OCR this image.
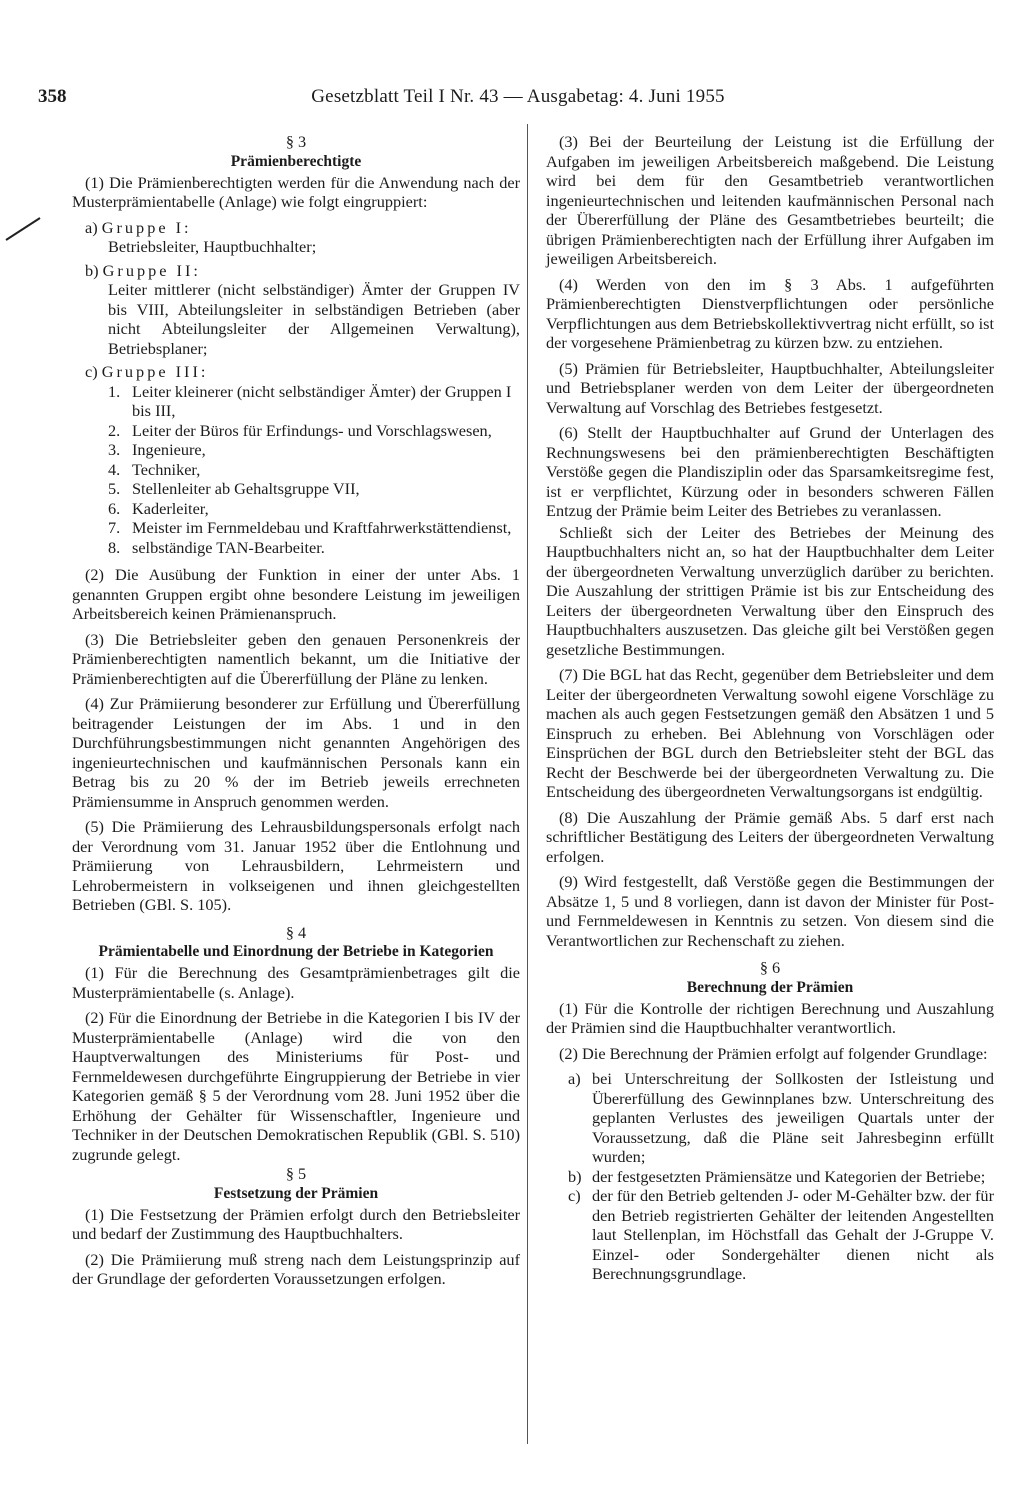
358	Gesetzblatt Teil I Nr. 43 — Ausgabetag: 4. Juni 1955
§ 3
Prämienberechtigte

(1) Die Prämienberechtigten werden für die Anwendung nach der Musterprämientabelle (Anlage) wie folgt eingruppiert:

a) Gruppe I:
Betriebsleiter, Hauptbuchhalter;
b) Gruppe II:
Leiter mittlerer (nicht selbständiger) Ämter der Gruppen IV bis VIII, Abteilungsleiter in selbständigen Betrieben (aber nicht Abteilungsleiter der Allgemeinen Verwaltung), Betriebsplaner;
c) Gruppe III:
1. Leiter kleinerer (nicht selbständiger Ämter) der Gruppen I bis III,
2. Leiter der Büros für Erfindungs- und Vorschlagswesen,
3. Ingenieure,
4. Techniker,
5. Stellenleiter ab Gehaltsgruppe VII,
6. Kaderleiter,
7. Meister im Fernmeldebau und Kraftfahrwerkstättendienst,
8. selbständige TAN-Bearbeiter.

(2) Die Ausübung der Funktion in einer der unter Abs. 1 genannten Gruppen ergibt ohne besondere Leistung im jeweiligen Arbeitsbereich keinen Prämienanspruch.

(3) Die Betriebsleiter geben den genauen Personenkreis der Prämienberechtigten namentlich bekannt, um die Initiative der Prämienberechtigten auf die Übererfüllung der Pläne zu lenken.

(4) Zur Prämiierung besonderer zur Erfüllung und Übererfüllung beitragender Leistungen der im Abs. 1 und in den Durchführungsbestimmungen nicht genannten Angehörigen des ingenieurtechnischen und kaufmännischen Personals kann ein Betrag bis zu 20 % der im Betrieb jeweils errechneten Prämiensumme in Anspruch genommen werden.

(5) Die Prämiierung des Lehrausbildungspersonals erfolgt nach der Verordnung vom 31. Januar 1952 über die Entlohnung und Prämiierung von Lehrausbildern, Lehrmeistern und Lehrobermeistern in volkseigenen und ihnen gleichgestellten Betrieben (GBl. S. 105).

§ 4
Prämientabelle und Einordnung der Betriebe in Kategorien

(1) Für die Berechnung des Gesamtprämienbetrages gilt die Musterprämientabelle (s. Anlage).

(2) Für die Einordnung der Betriebe in die Kategorien I bis IV der Musterprämientabelle (Anlage) wird die von den Hauptverwaltungen des Ministeriums für Post- und Fernmeldewesen durchgeführte Eingruppierung der Betriebe in vier Kategorien gemäß § 5 der Verordnung vom 28. Juni 1952 über die Erhöhung der Gehälter für Wissenschaftler, Ingenieure und Techniker in der Deutschen Demokratischen Republik (GBl. S. 510) zugrunde gelegt.

§ 5
Festsetzung der Prämien

(1) Die Festsetzung der Prämien erfolgt durch den Betriebsleiter und bedarf der Zustimmung des Hauptbuchhalters.

(2) Die Prämiierung muß streng nach dem Leistungsprinzip auf der Grundlage der geforderten Voraussetzungen erfolgen.

(3) Bei der Beurteilung der Leistung ist die Erfüllung der Aufgaben im jeweiligen Arbeitsbereich maßgebend. Die Leistung wird bei dem für den Gesamtbetrieb verantwortlichen ingenieurtechnischen und leitenden kaufmännischen Personal nach der Übererfüllung der Pläne des Gesamtbetriebes beurteilt; die übrigen Prämienberechtigten nach der Erfüllung ihrer Aufgaben im jeweiligen Arbeitsbereich.

(4) Werden von den im § 3 Abs. 1 aufgeführten Prämienberechtigten Dienstverpflichtungen oder persönliche Verpflichtungen aus dem Betriebskollektivvertrag nicht erfüllt, so ist der vorgesehene Prämienbetrag zu kürzen bzw. zu entziehen.

(5) Prämien für Betriebsleiter, Hauptbuchhalter, Abteilungsleiter und Betriebsplaner werden von dem Leiter der übergeordneten Verwaltung auf Vorschlag des Betriebes festgesetzt.

(6) Stellt der Hauptbuchhalter auf Grund der Unterlagen des Rechnungswesens bei den prämienberechtigten Beschäftigten Verstöße gegen die Plandisziplin oder das Sparsamkeitsregime fest, ist er verpflichtet, Kürzung oder in besonders schweren Fällen Entzug der Prämie beim Leiter des Betriebes zu veranlassen.

Schließt sich der Leiter des Betriebes der Meinung des Hauptbuchhalters nicht an, so hat der Hauptbuchhalter dem Leiter der übergeordneten Verwaltung unverzüglich darüber zu berichten. Die Auszahlung der strittigen Prämie ist bis zur Entscheidung des Leiters der übergeordneten Verwaltung über den Einspruch des Hauptbuchhalters auszusetzen. Das gleiche gilt bei Verstößen gegen gesetzliche Bestimmungen.

(7) Die BGL hat das Recht, gegenüber dem Betriebsleiter und dem Leiter der übergeordneten Verwaltung sowohl eigene Vorschläge zu machen als auch gegen Festsetzungen gemäß den Absätzen 1 und 5 Einspruch zu erheben. Bei Ablehnung von Vorschlägen oder Einsprüchen der BGL durch den Betriebsleiter steht der BGL das Recht der Beschwerde bei der übergeordneten Verwaltung zu. Die Entscheidung des übergeordneten Verwaltungsorgans ist endgültig.

(8) Die Auszahlung der Prämie gemäß Abs. 5 darf erst nach schriftlicher Bestätigung des Leiters der übergeordneten Verwaltung erfolgen.

(9) Wird festgestellt, daß Verstöße gegen die Bestimmungen der Absätze 1, 5 und 8 vorliegen, dann ist davon der Minister für Post- und Fernmeldewesen in Kenntnis zu setzen. Von diesem sind die Verantwortlichen zur Rechenschaft zu ziehen.

§ 6
Berechnung der Prämien

(1) Für die Kontrolle der richtigen Berechnung und Auszahlung der Prämien sind die Hauptbuchhalter verantwortlich.

(2) Die Berechnung der Prämien erfolgt auf folgender Grundlage:

a) bei Unterschreitung der Sollkosten der Istleistung und Übererfüllung des Gewinnplanes bzw. Unterschreitung des geplanten Verlustes des jeweiligen Quartals unter der Voraussetzung, daß die Pläne seit Jahresbeginn erfüllt wurden;
b) der festgesetzten Prämiensätze und Kategorien der Betriebe;
c) der für den Betrieb geltenden J- oder M-Gehälter bzw. der für den Betrieb registrierten Gehälter der leitenden Angestellten laut Stellenplan, im Höchstfall das Gehalt der J-Gruppe V. Einzel- oder Sondergehälter dienen nicht als Berechnungsgrundlage.
